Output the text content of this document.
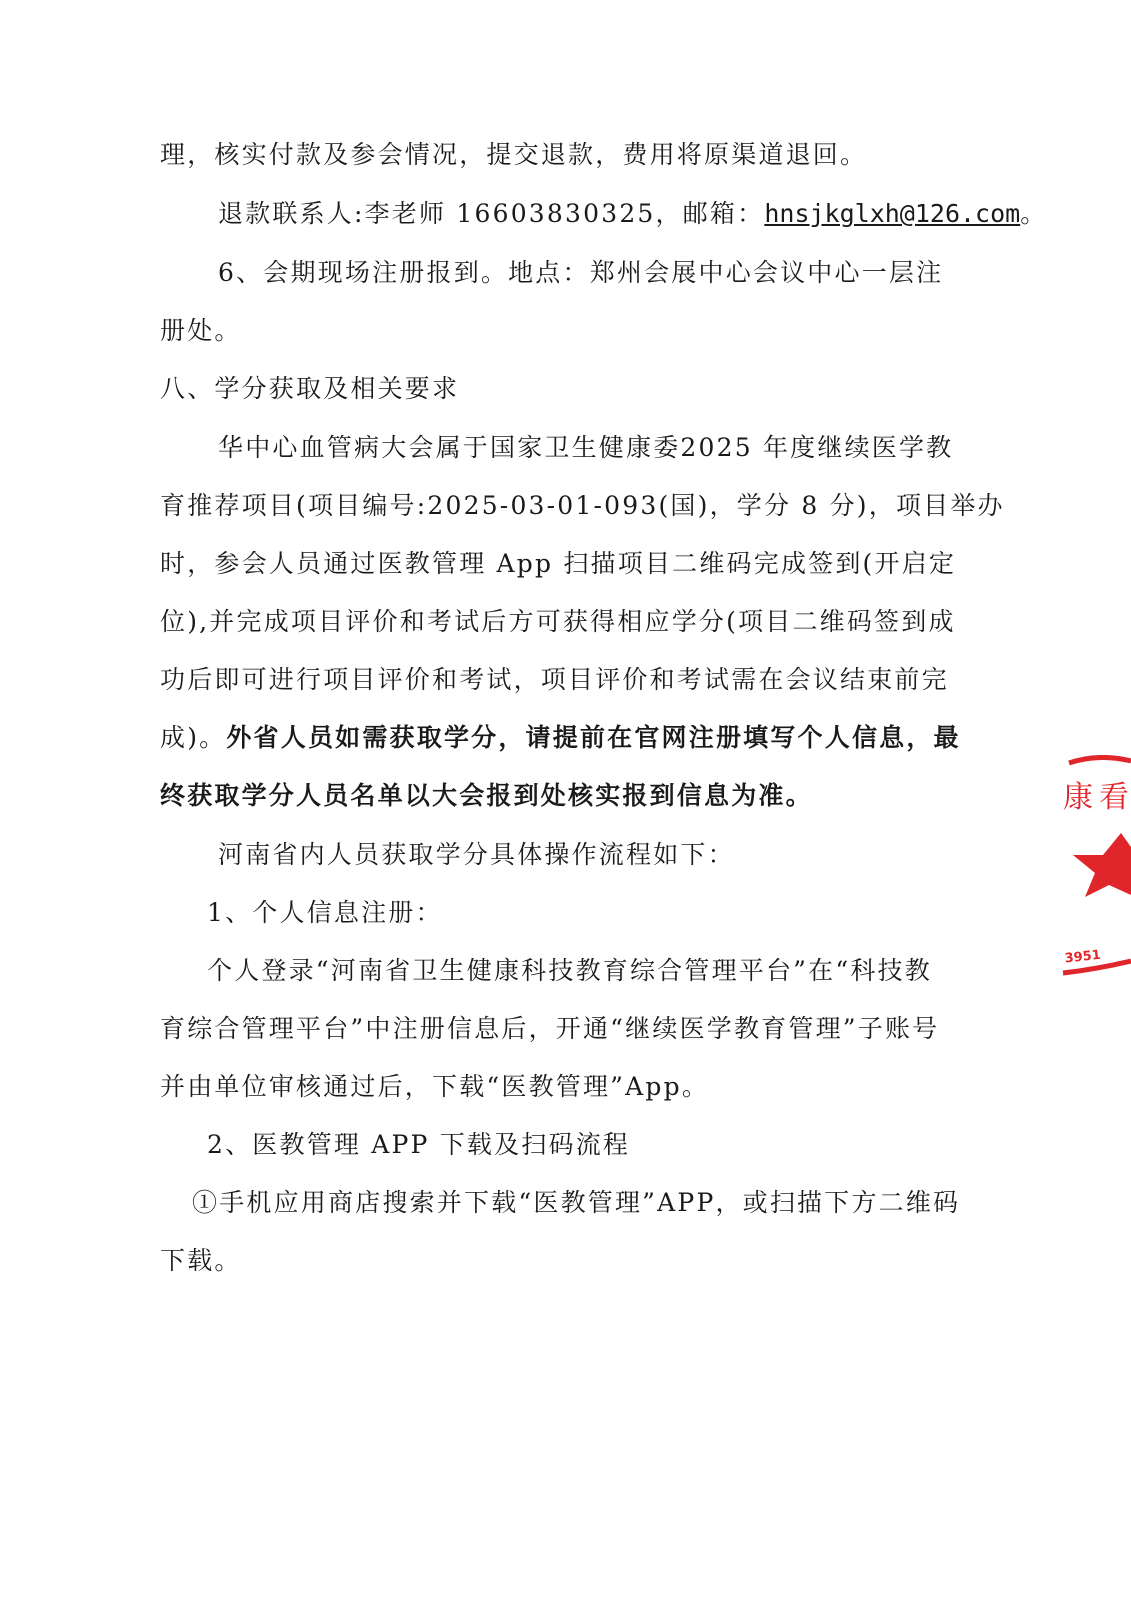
理，核实付款及参会情况，提交退款，费用将原渠道退回。
退款联系人:李老师 16603830325，邮箱：hnsjkglxh@126.com。
6、会期现场注册报到。地点：郑州会展中心会议中心一层注
册处。
八、学分获取及相关要求
华中心血管病大会属于国家卫生健康委2025 年度继续医学教
育推荐项目(项目编号:2025-03-01-093(国)，学分 8 分)，项目举办
时，参会人员通过医教管理 App 扫描项目二维码完成签到(开启定
位),并完成项目评价和考试后方可获得相应学分(项目二维码签到成
功后即可进行项目评价和考试，项目评价和考试需在会议结束前完
成)。外省人员如需获取学分，请提前在官网注册填写个人信息，最
终获取学分人员名单以大会报到处核实报到信息为准。
河南省内人员获取学分具体操作流程如下：
1、个人信息注册：
个人登录“河南省卫生健康科技教育综合管理平台”在“科技教
育综合管理平台”中注册信息后，开通“继续医学教育管理”子账号
并由单位审核通过后，下载“医教管理”App。
2、医教管理 APP 下载及扫码流程
①手机应用商店搜索并下载“医教管理”APP，或扫描下方二维码
下载。
康 看
3951
